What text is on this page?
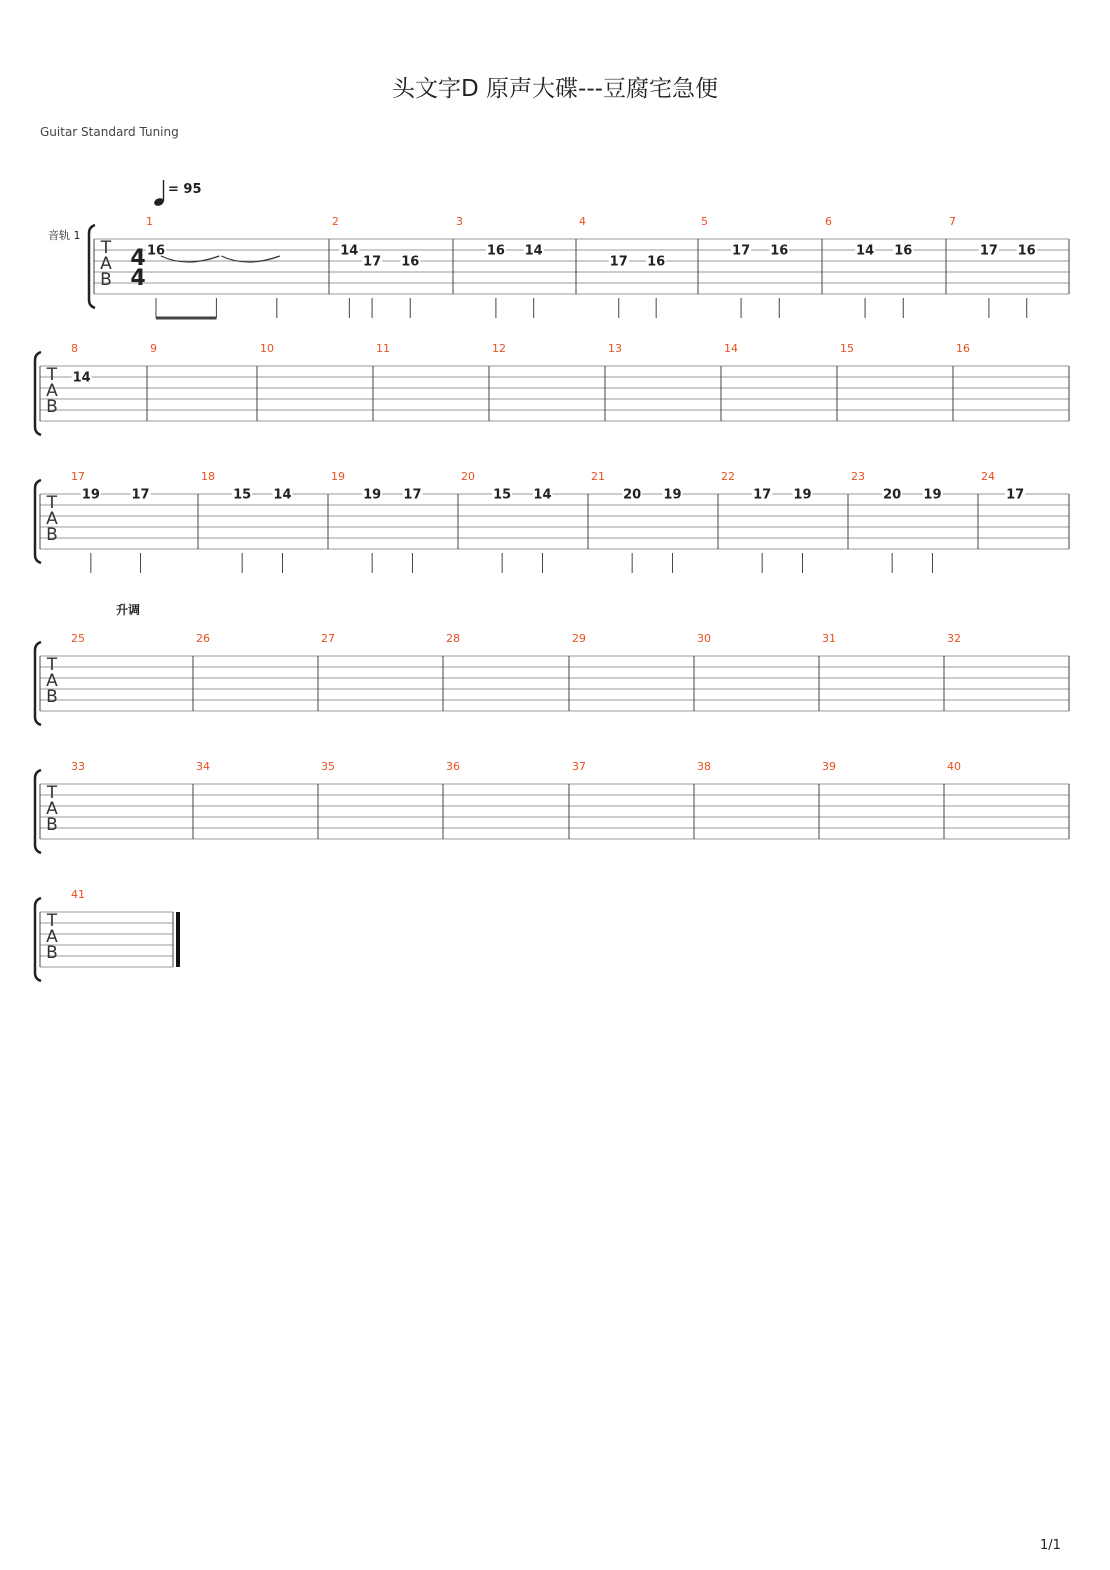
头文字D 原声大碟---豆腐宅急便
Guitar Standard Tuning
T
A
B
音轨 1
4
4
= 95
1
16	14
2
17 16
3
16 14
4
17 16
5
17 16
6
14 16
7
17 16
T
A
B
8
14
9	10	11	12	13	14	15	16
T
A
B
17
19 17
18
15 14
19
19 17
20
15 14
21
20 19
22
17 19
23
20 19
24
17
T
A
B
升调
25	26	27	28	29	30	31	32
T
A
B
33	34	35	36	37	38	39	40
T
A
B
41
1/1
